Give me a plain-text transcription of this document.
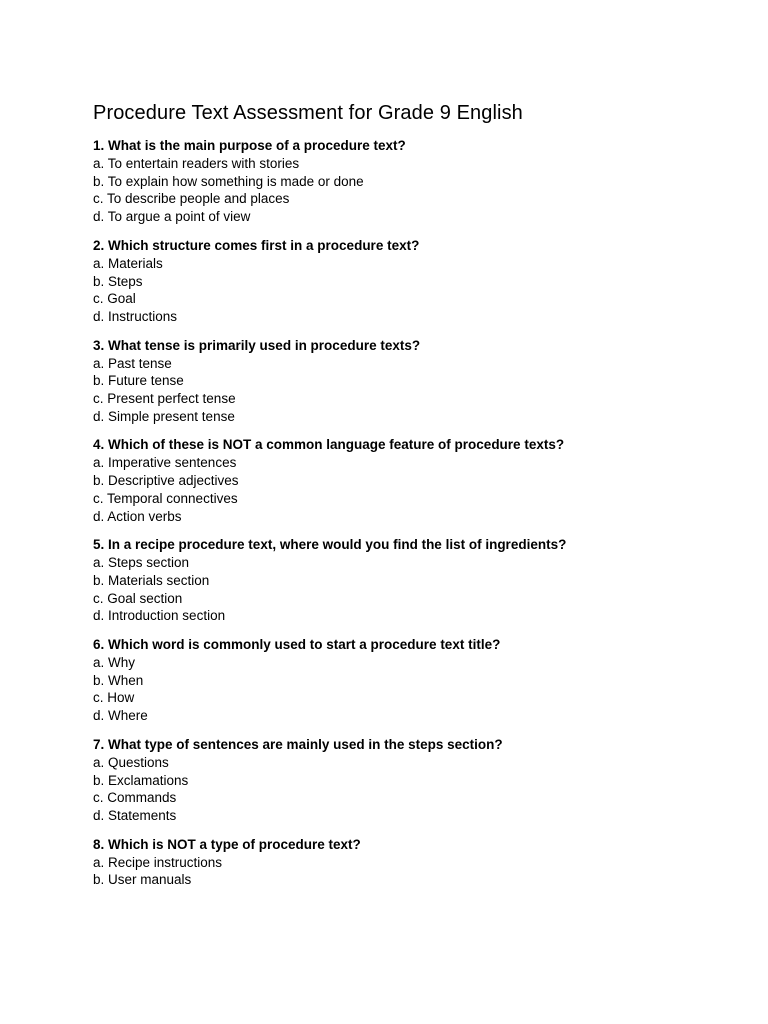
Procedure Text Assessment for Grade 9 English

1. What is the main purpose of a procedure text?

a. To entertain readers with stories
b. To explain how something is made or done
c. To describe people and places
d. To argue a point of view

2. Which structure comes first in a procedure text?

a. Materials
b. Steps
c. Goal
d. Instructions

3. What tense is primarily used in procedure texts?

a. Past tense
b. Future tense
c. Present perfect tense
d. Simple present tense

4. Which of these is NOT a common language feature of procedure texts?

a. Imperative sentences
b. Descriptive adjectives
c. Temporal connectives
d. Action verbs

5. In a recipe procedure text, where would you find the list of ingredients?

a. Steps section
b. Materials section
c. Goal section
d. Introduction section

6. Which word is commonly used to start a procedure text title?

a. Why
b. When
c. How
d. Where

7. What type of sentences are mainly used in the steps section?

a. Questions
b. Exclamations
c. Commands
d. Statements

8. Which is NOT a type of procedure text?

a. Recipe instructions
b. User manuals
